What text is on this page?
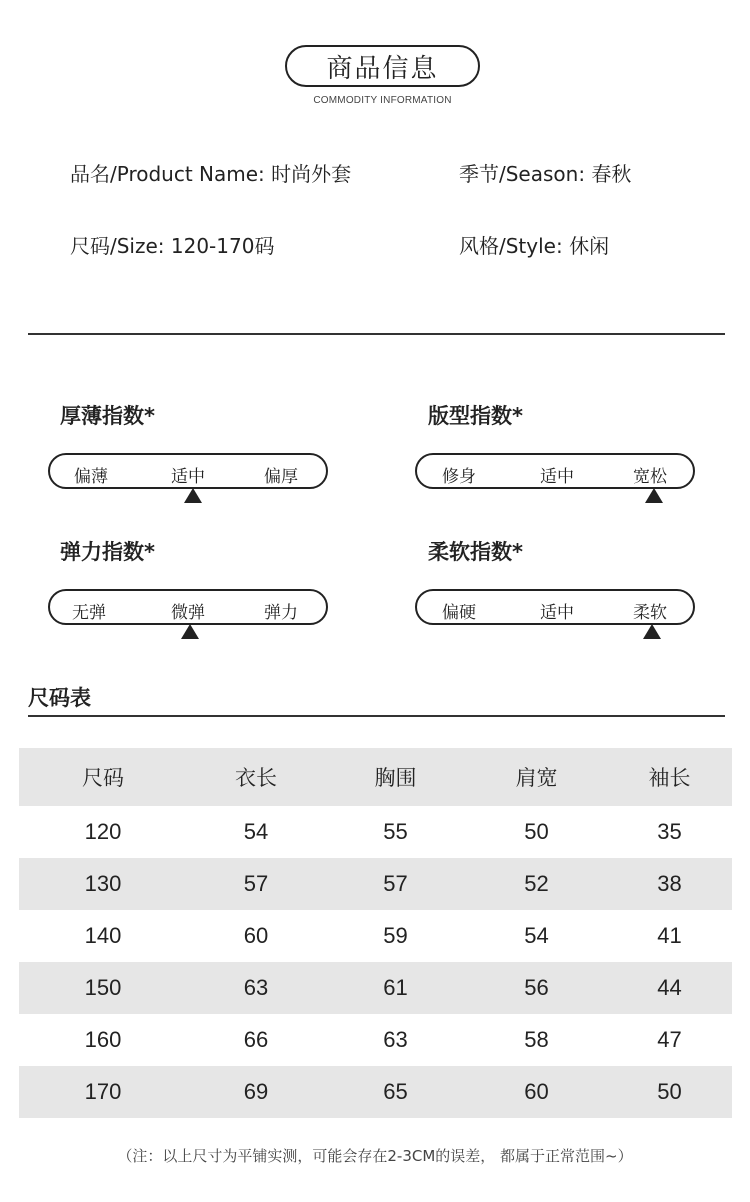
商品信息
COMMODITY INFORMATION
品名/Product Name: 时尚外套	季节/Season: 春秋
尺码/Size: 120-170码	风格/Style: 休闲
厚薄指数*
偏薄	适中	偏厚
版型指数*
修身	适中	宽松
弹力指数*
无弹	微弹	弹力
柔软指数*
偏硬	适中	柔软
尺码表
尺码	衣长	胸围	肩宽	袖长
120	54	55	50	35
130	57	57	52	38
140	60	59	54	41
150	63	61	56	44
160	66	63	58	47
170	69	65	60	50
（注：以上尺寸为平铺实测，可能会存在2-3CM的误差， 都属于正常范围~）
